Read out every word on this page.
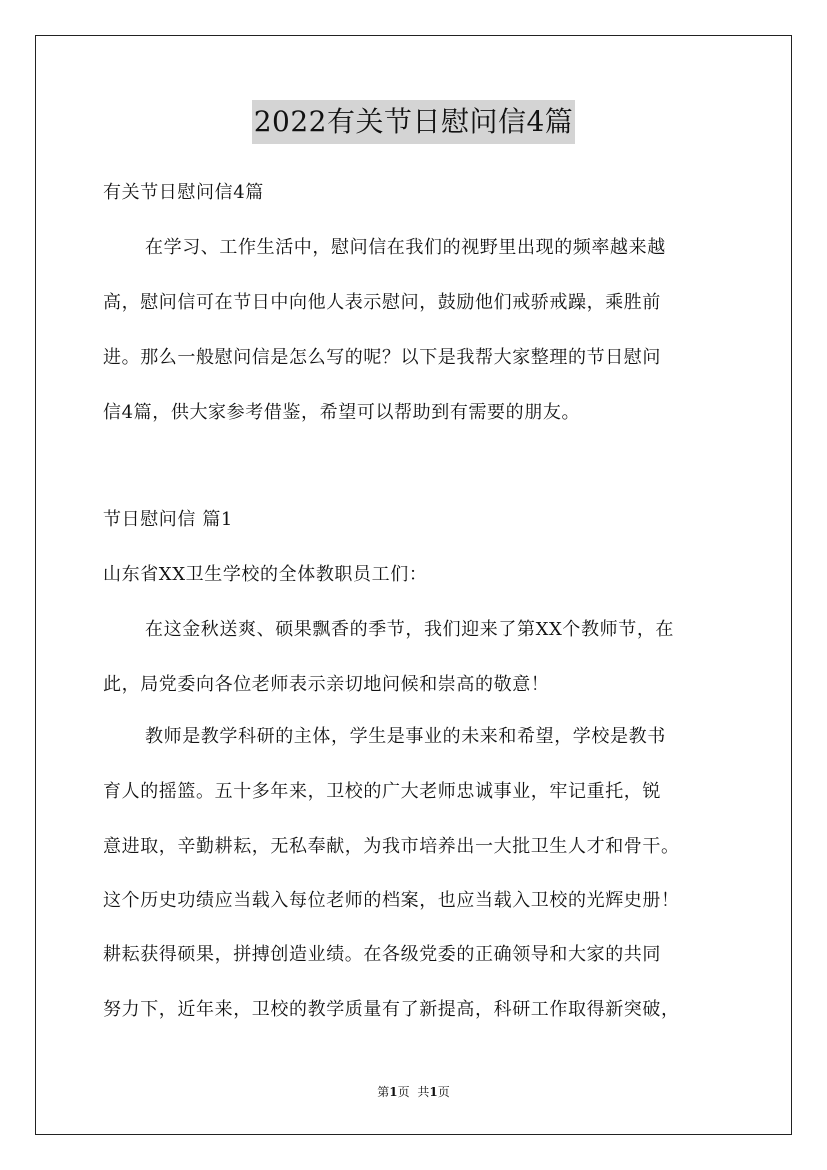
2022有关节日慰问信4篇
有关节日慰问信4篇
在学习、工作生活中，慰问信在我们的视野里出现的频率越来越
高，慰问信可在节日中向他人表示慰问，鼓励他们戒骄戒躁，乘胜前
进。那么一般慰问信是怎么写的呢？以下是我帮大家整理的节日慰问
信4篇，供大家参考借鉴，希望可以帮助到有需要的朋友。
节日慰问信 篇1
山东省XX卫生学校的全体教职员工们：
在这金秋送爽、硕果飘香的季节，我们迎来了第XX个教师节，在
此，局党委向各位老师表示亲切地问候和崇高的敬意！
教师是教学科研的主体，学生是事业的未来和希望，学校是教书
育人的摇篮。五十多年来，卫校的广大老师忠诚事业，牢记重托，锐
意进取，辛勤耕耘，无私奉献，为我市培养出一大批卫生人才和骨干。
这个历史功绩应当载入每位老师的档案，也应当载入卫校的光辉史册！
耕耘获得硕果，拼搏创造业绩。在各级党委的正确领导和大家的共同
努力下，近年来，卫校的教学质量有了新提高，科研工作取得新突破，
第1页 共1页
